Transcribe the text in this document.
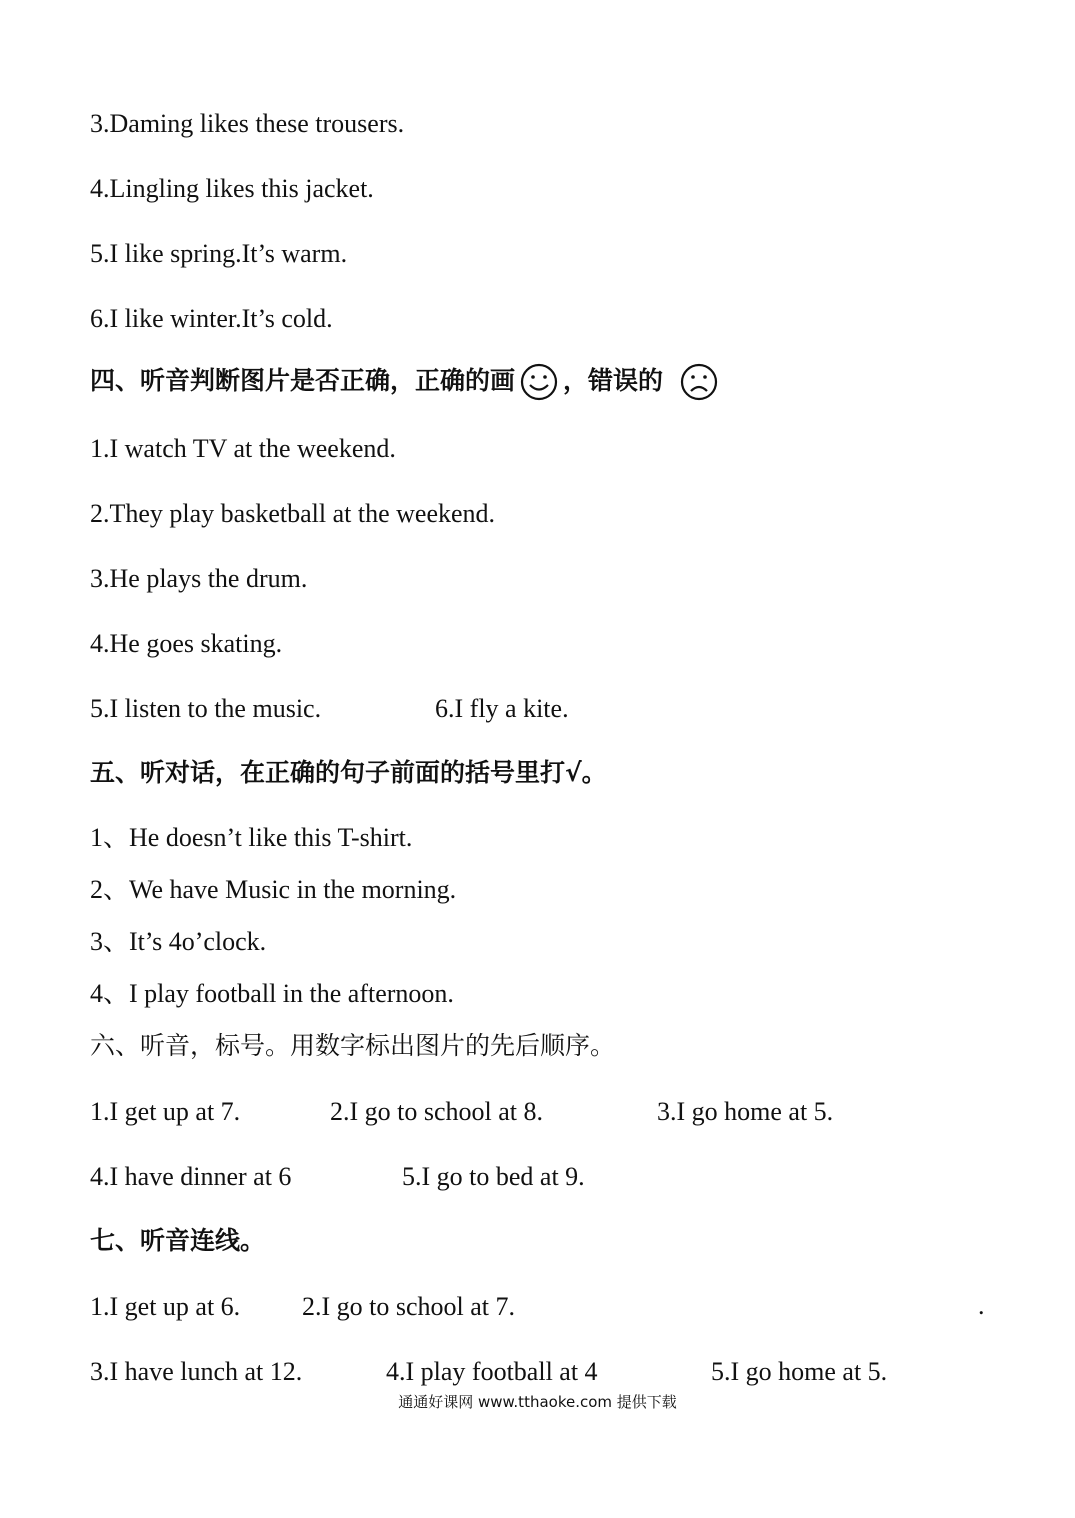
3.Daming likes these trousers.
4.Lingling likes this jacket.
5.I like spring.It’s warm.
6.I like winter.It’s cold.
四、听音判断图片是否正确，正确的画 ，错误的
1.I watch TV at the weekend.
2.They play basketball at the weekend.
3.He plays the drum.
4.He goes skating.
5.I listen to the music.	6.I fly a kite.
五、听对话，在正确的句子前面的括号里打√。
1、He doesn’t like this T-shirt.
2、We have Music in the morning.
3、It’s 4o’clock.
4、I play football in the afternoon.
六、听音，标号。用数字标出图片的先后顺序。
1.I get up at 7.	2.I go to school at 8.	3.I go home at 5.
4.I have dinner at 6	5.I go to bed at 9.
七、听音连线。
1.I get up at 6. 2.I go to school at 7.	.
3.I have lunch at 12.	4.I play football at 4	5.I go home at 5.
通通好课网 www.tthaoke.com 提供下载
